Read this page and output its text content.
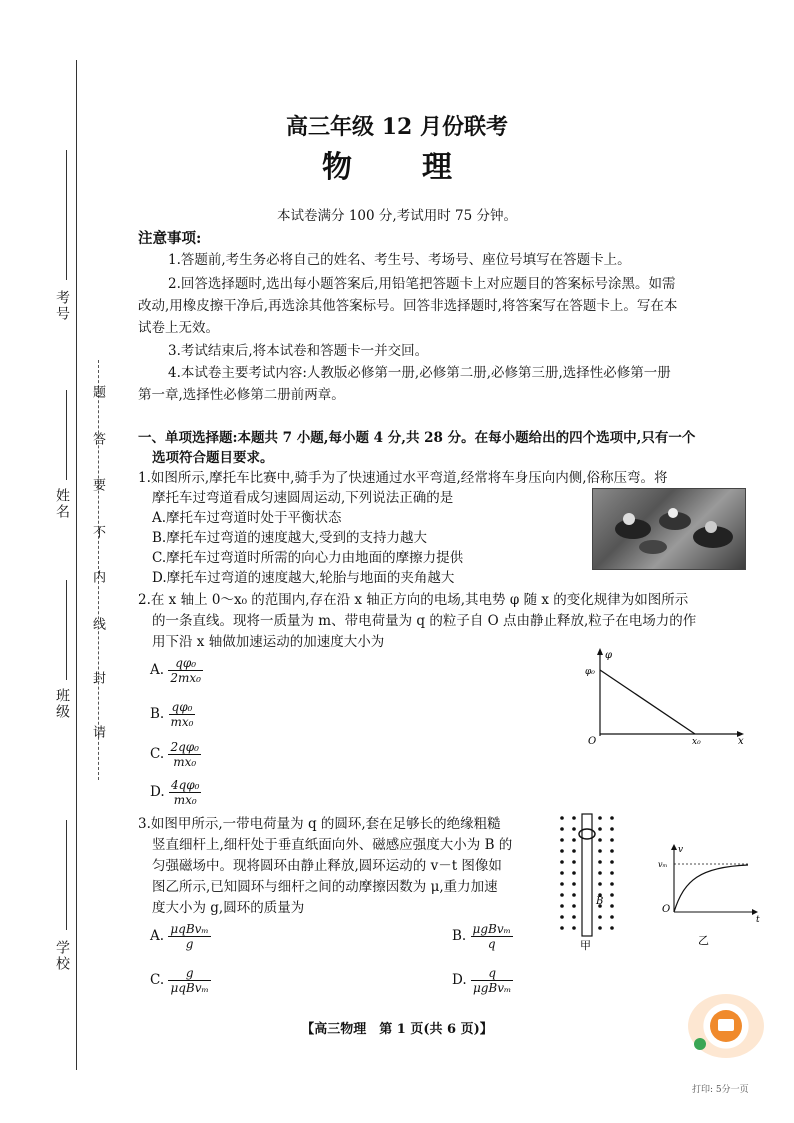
考号
姓名
班级
学校
请
封
线
内
不
要
答
题
高三年级 12 月份联考
物　理
本试卷满分 100 分,考试用时 75 分钟。
注意事项:
1.答题前,考生务必将自己的姓名、考生号、考场号、座位号填写在答题卡上。
2.回答选择题时,选出每小题答案后,用铅笔把答题卡上对应题目的答案标号涂黑。如需
改动,用橡皮擦干净后,再选涂其他答案标号。回答非选择题时,将答案写在答题卡上。写在本
试卷上无效。
3.考试结束后,将本试卷和答题卡一并交回。
4.本试卷主要考试内容:人教版必修第一册,必修第二册,必修第三册,选择性必修第一册
第一章,选择性必修第二册前两章。
一、单项选择题:本题共 7 小题,每小题 4 分,共 28 分。在每小题给出的四个选项中,只有一个
选项符合题目要求。
1.如图所示,摩托车比赛中,骑手为了快速通过水平弯道,经常将车身压向内侧,俗称压弯。将
摩托车过弯道看成匀速圆周运动,下列说法正确的是
A.摩托车过弯道时处于平衡状态
B.摩托车过弯道的速度越大,受到的支持力越大
C.摩托车过弯道时所需的向心力由地面的摩擦力提供
D.摩托车过弯道的速度越大,轮胎与地面的夹角越大
2.在 x 轴上 0～x₀ 的范围内,存在沿 x 轴正方向的电场,其电势 φ 随 x 的变化规律为如图所示
的一条直线。现将一质量为 m、带电荷量为 q 的粒子自 O 点由静止释放,粒子在电场力的作
用下沿 x 轴做加速运动的加速度大小为
A. $\frac{\text{qφ₀}}{\text{2mx₀}}$
B. $\frac{\text{qφ₀}}{\text{mx₀}}$
C. $\frac{\text{2qφ₀}}{\text{mx₀}}$
D. $\frac{\text{4qφ₀}}{\text{mx₀}}$
φ
φ₀
O	x₀	x
3.如图甲所示,一带电荷量为 q 的圆环,套在足够长的绝缘粗糙
竖直细杆上,细杆处于垂直纸面向外、磁感应强度大小为 B 的
匀强磁场中。现将圆环由静止释放,圆环运动的 v－t 图像如
图乙所示,已知圆环与细杆之间的动摩擦因数为 μ,重力加速
度大小为 g,圆环的质量为
A. $\frac{\text{μqBvₘ}}{g}$	B. $\frac{\text{μgBvₘ}}{q}$
C. $\frac{g}{\text{μqBvₘ}}$	D. $\frac{q}{\text{μgBvₘ}}$
B
甲
v
vₘ
O
t
乙
【高三物理　第 1 页(共 6 页)】
打印: 5分一页
